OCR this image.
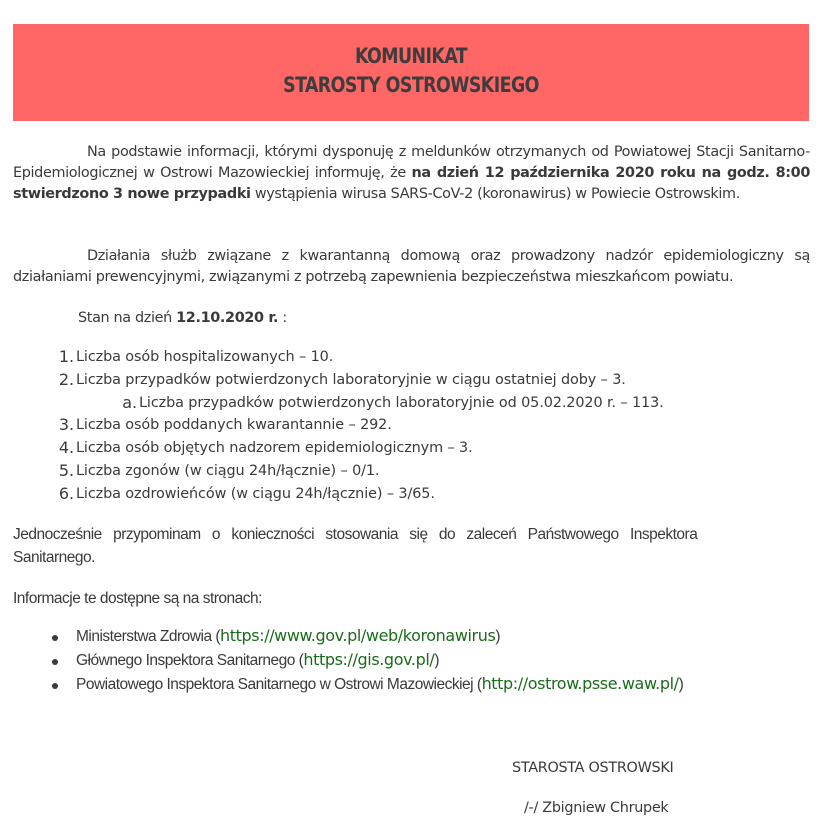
KOMUNIKAT
STAROSTY OSTROWSKIEGO
Na podstawie informacji, którymi dysponuję z meldunków otrzymanych od Powiatowej Stacji Sanitarno-Epidemiologicznej w Ostrowi Mazowieckiej informuję, że na dzień 12 października 2020 roku na godz. 8:00 stwierdzono 3 nowe przypadki wystąpienia wirusa SARS-CoV-2 (koronawirus) w Powiecie Ostrowskim.
Działania służb związane z kwarantanną domową oraz prowadzony nadzór epidemiologiczny są działaniami prewencyjnymi, związanymi z potrzebą zapewnienia bezpieczeństwa mieszkańcom powiatu.
Stan na dzień 12.10.2020 r. :
1. Liczba osób hospitalizowanych – 10.
2. Liczba przypadków potwierdzonych laboratoryjnie w ciągu ostatniej doby – 3.
a. Liczba przypadków potwierdzonych laboratoryjnie od 05.02.2020 r. – 113.
3. Liczba osób poddanych kwarantannie – 292.
4. Liczba osób objętych nadzorem epidemiologicznym – 3.
5. Liczba zgonów (w ciągu 24h/łącznie) – 0/1.
6. Liczba ozdrowieńców (w ciągu 24h/łącznie) – 3/65.
Jednocześnie przypominam o konieczności stosowania się do zaleceń Państwowego Inspektora
Sanitarnego.
Informacje te dostępne są na stronach:
Ministerstwa Zdrowia (https://www.gov.pl/web/koronawirus)
Głównego Inspektora Sanitarnego (https://gis.gov.pl/)
Powiatowego Inspektora Sanitarnego w Ostrowi Mazowieckiej (http://ostrow.psse.waw.pl/)
STAROSTA OSTROWSKI
/-/ Zbigniew Chrupek
